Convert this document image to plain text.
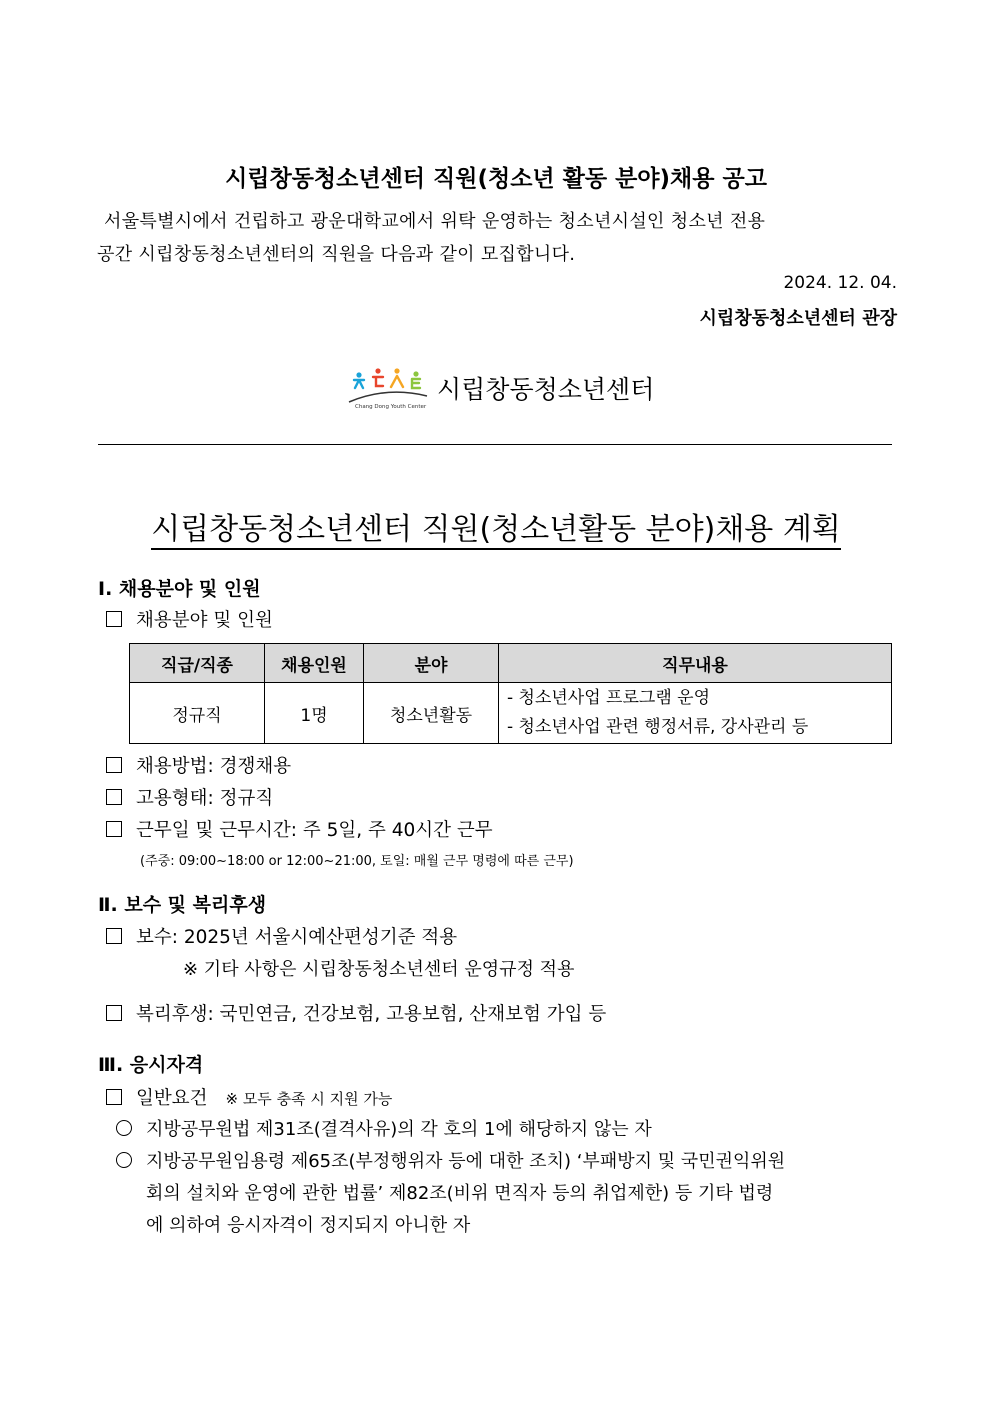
시립창동청소년센터 직원(청소년 활동 분야)채용 공고
서울특별시에서 건립하고 광운대학교에서 위탁 운영하는 청소년시설인 청소년 전용
공간 시립창동청소년센터의 직원을 다음과 같이 모집합니다.
2024. 12. 04.
시립창동청소년센터 관장
Chang Dong Youth Center
시립창동청소년센터
시립창동청소년센터 직원(청소년활동 분야)채용 계획
Ⅰ. 채용분야 및 인원
채용분야 및 인원
직급/직종	채용인원	분야	직무내용
정규직	1명	청소년활동	- 청소년사업 프로그램 운영
- 청소년사업 관련 행정서류, 강사관리 등
채용방법: 경쟁채용
고용형태: 정규직
근무일 및 근무시간: 주 5일, 주 40시간 근무
(주중: 09:00~18:00 or 12:00~21:00, 토일: 매월 근무 명령에 따른 근무)
Ⅱ. 보수 및 복리후생
보수: 2025년 서울시예산편성기준 적용
※ 기타 사항은 시립창동청소년센터 운영규정 적용
복리후생: 국민연금, 건강보험, 고용보험, 산재보험 가입 등
Ⅲ. 응시자격
일반요건 ※ 모두 충족 시 지원 가능
지방공무원법 제31조(결격사유)의 각 호의 1에 해당하지 않는 자
지방공무원임용령 제65조(부정행위자 등에 대한 조치) ‘부패방지 및 국민권익위원
회의 설치와 운영에 관한 법률’ 제82조(비위 면직자 등의 취업제한) 등 기타 법령
에 의하여 응시자격이 정지되지 아니한 자
